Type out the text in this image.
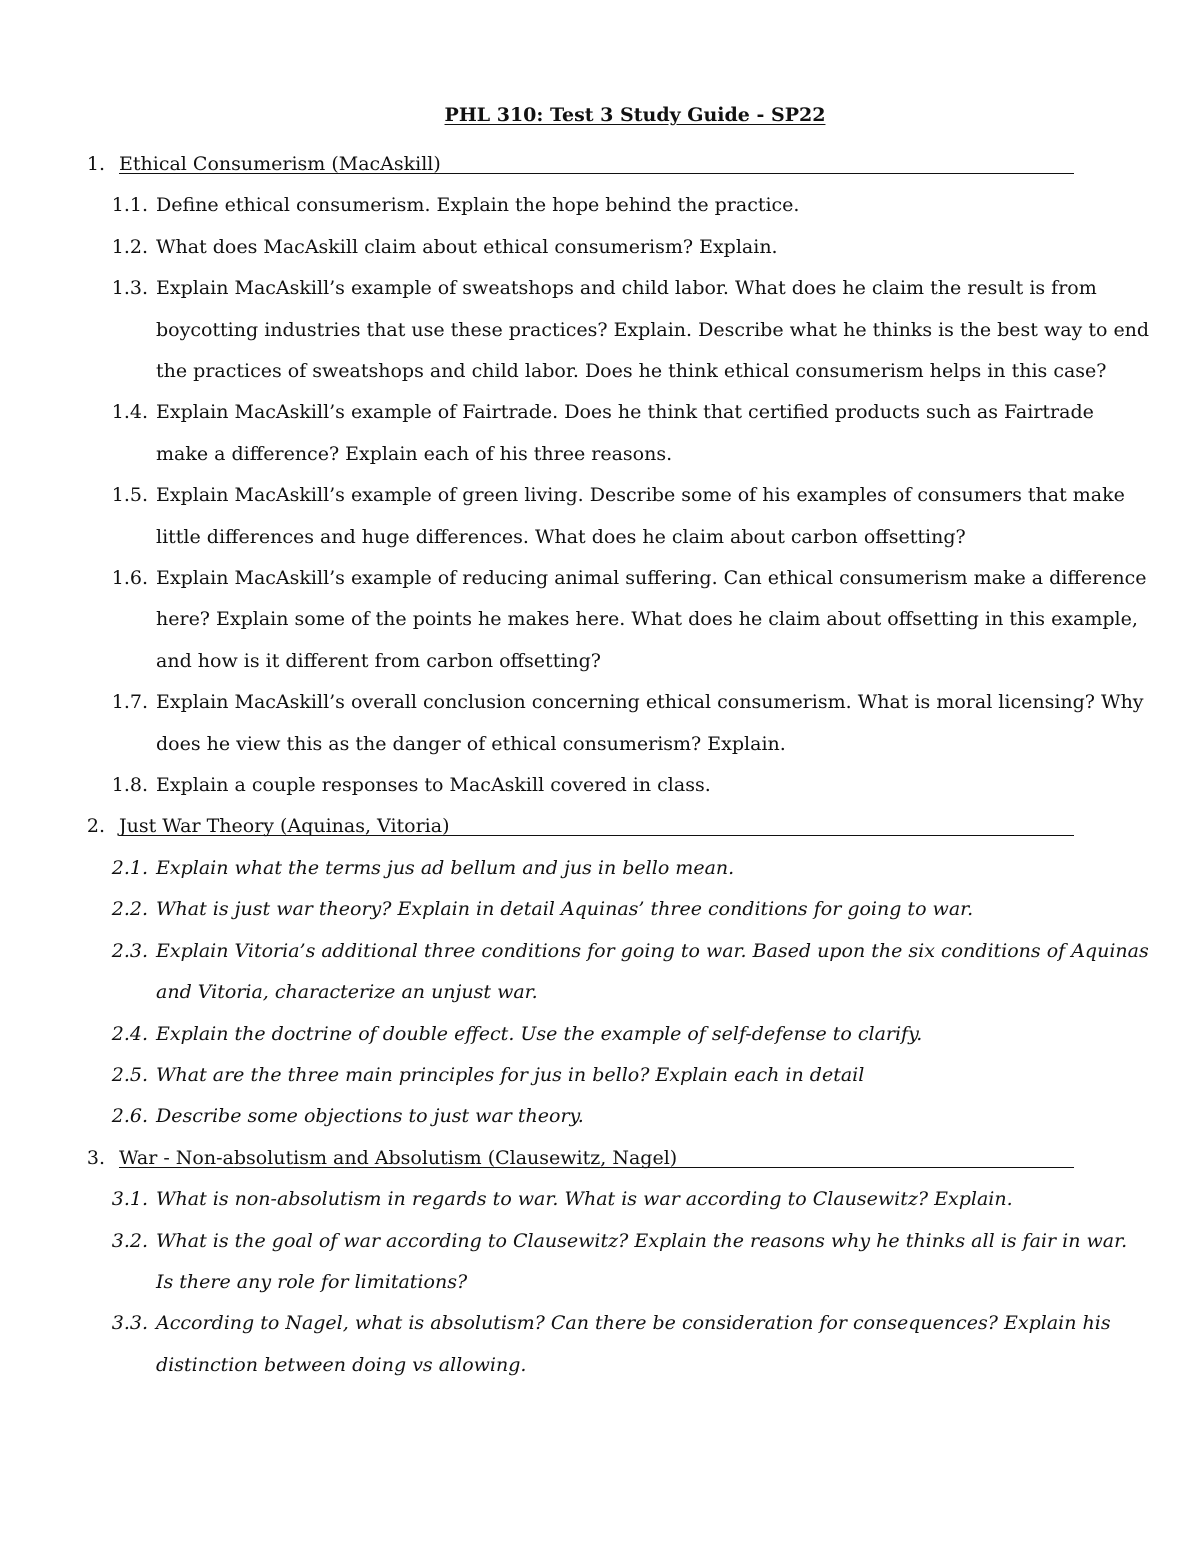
PHL 310: Test 3 Study Guide - SP22
1. Ethical Consumerism (MacAskill)
1.1. Define ethical consumerism. Explain the hope behind the practice.
1.2. What does MacAskill claim about ethical consumerism? Explain.
1.3. Explain MacAskill’s example of sweatshops and child labor. What does he claim the result is from boycotting industries that use these practices? Explain. Describe what he thinks is the best way to end the practices of sweatshops and child labor. Does he think ethical consumerism helps in this case?
1.4. Explain MacAskill’s example of Fairtrade. Does he think that certified products such as Fairtrade make a difference? Explain each of his three reasons.
1.5. Explain MacAskill’s example of green living. Describe some of his examples of consumers that make little differences and huge differences. What does he claim about carbon offsetting?
1.6. Explain MacAskill’s example of reducing animal suffering. Can ethical consumerism make a difference here? Explain some of the points he makes here. What does he claim about offsetting in this example, and how is it different from carbon offsetting?
1.7. Explain MacAskill’s overall conclusion concerning ethical consumerism. What is moral licensing? Why does he view this as the danger of ethical consumerism? Explain.
1.8. Explain a couple responses to MacAskill covered in class.
2. Just War Theory (Aquinas, Vitoria)
2.1. Explain what the terms jus ad bellum and jus in bello mean.
2.2. What is just war theory? Explain in detail Aquinas’ three conditions for going to war.
2.3. Explain Vitoria’s additional three conditions for going to war. Based upon the six conditions of Aquinas and Vitoria, characterize an unjust war.
2.4. Explain the doctrine of double effect. Use the example of self-defense to clarify.
2.5. What are the three main principles for jus in bello? Explain each in detail
2.6. Describe some objections to just war theory.
3. War - Non-absolutism and Absolutism (Clausewitz, Nagel)
3.1. What is non-absolutism in regards to war. What is war according to Clausewitz? Explain.
3.2. What is the goal of war according to Clausewitz? Explain the reasons why he thinks all is fair in war. Is there any role for limitations?
3.3. According to Nagel, what is absolutism? Can there be consideration for consequences? Explain his distinction between doing vs allowing.
